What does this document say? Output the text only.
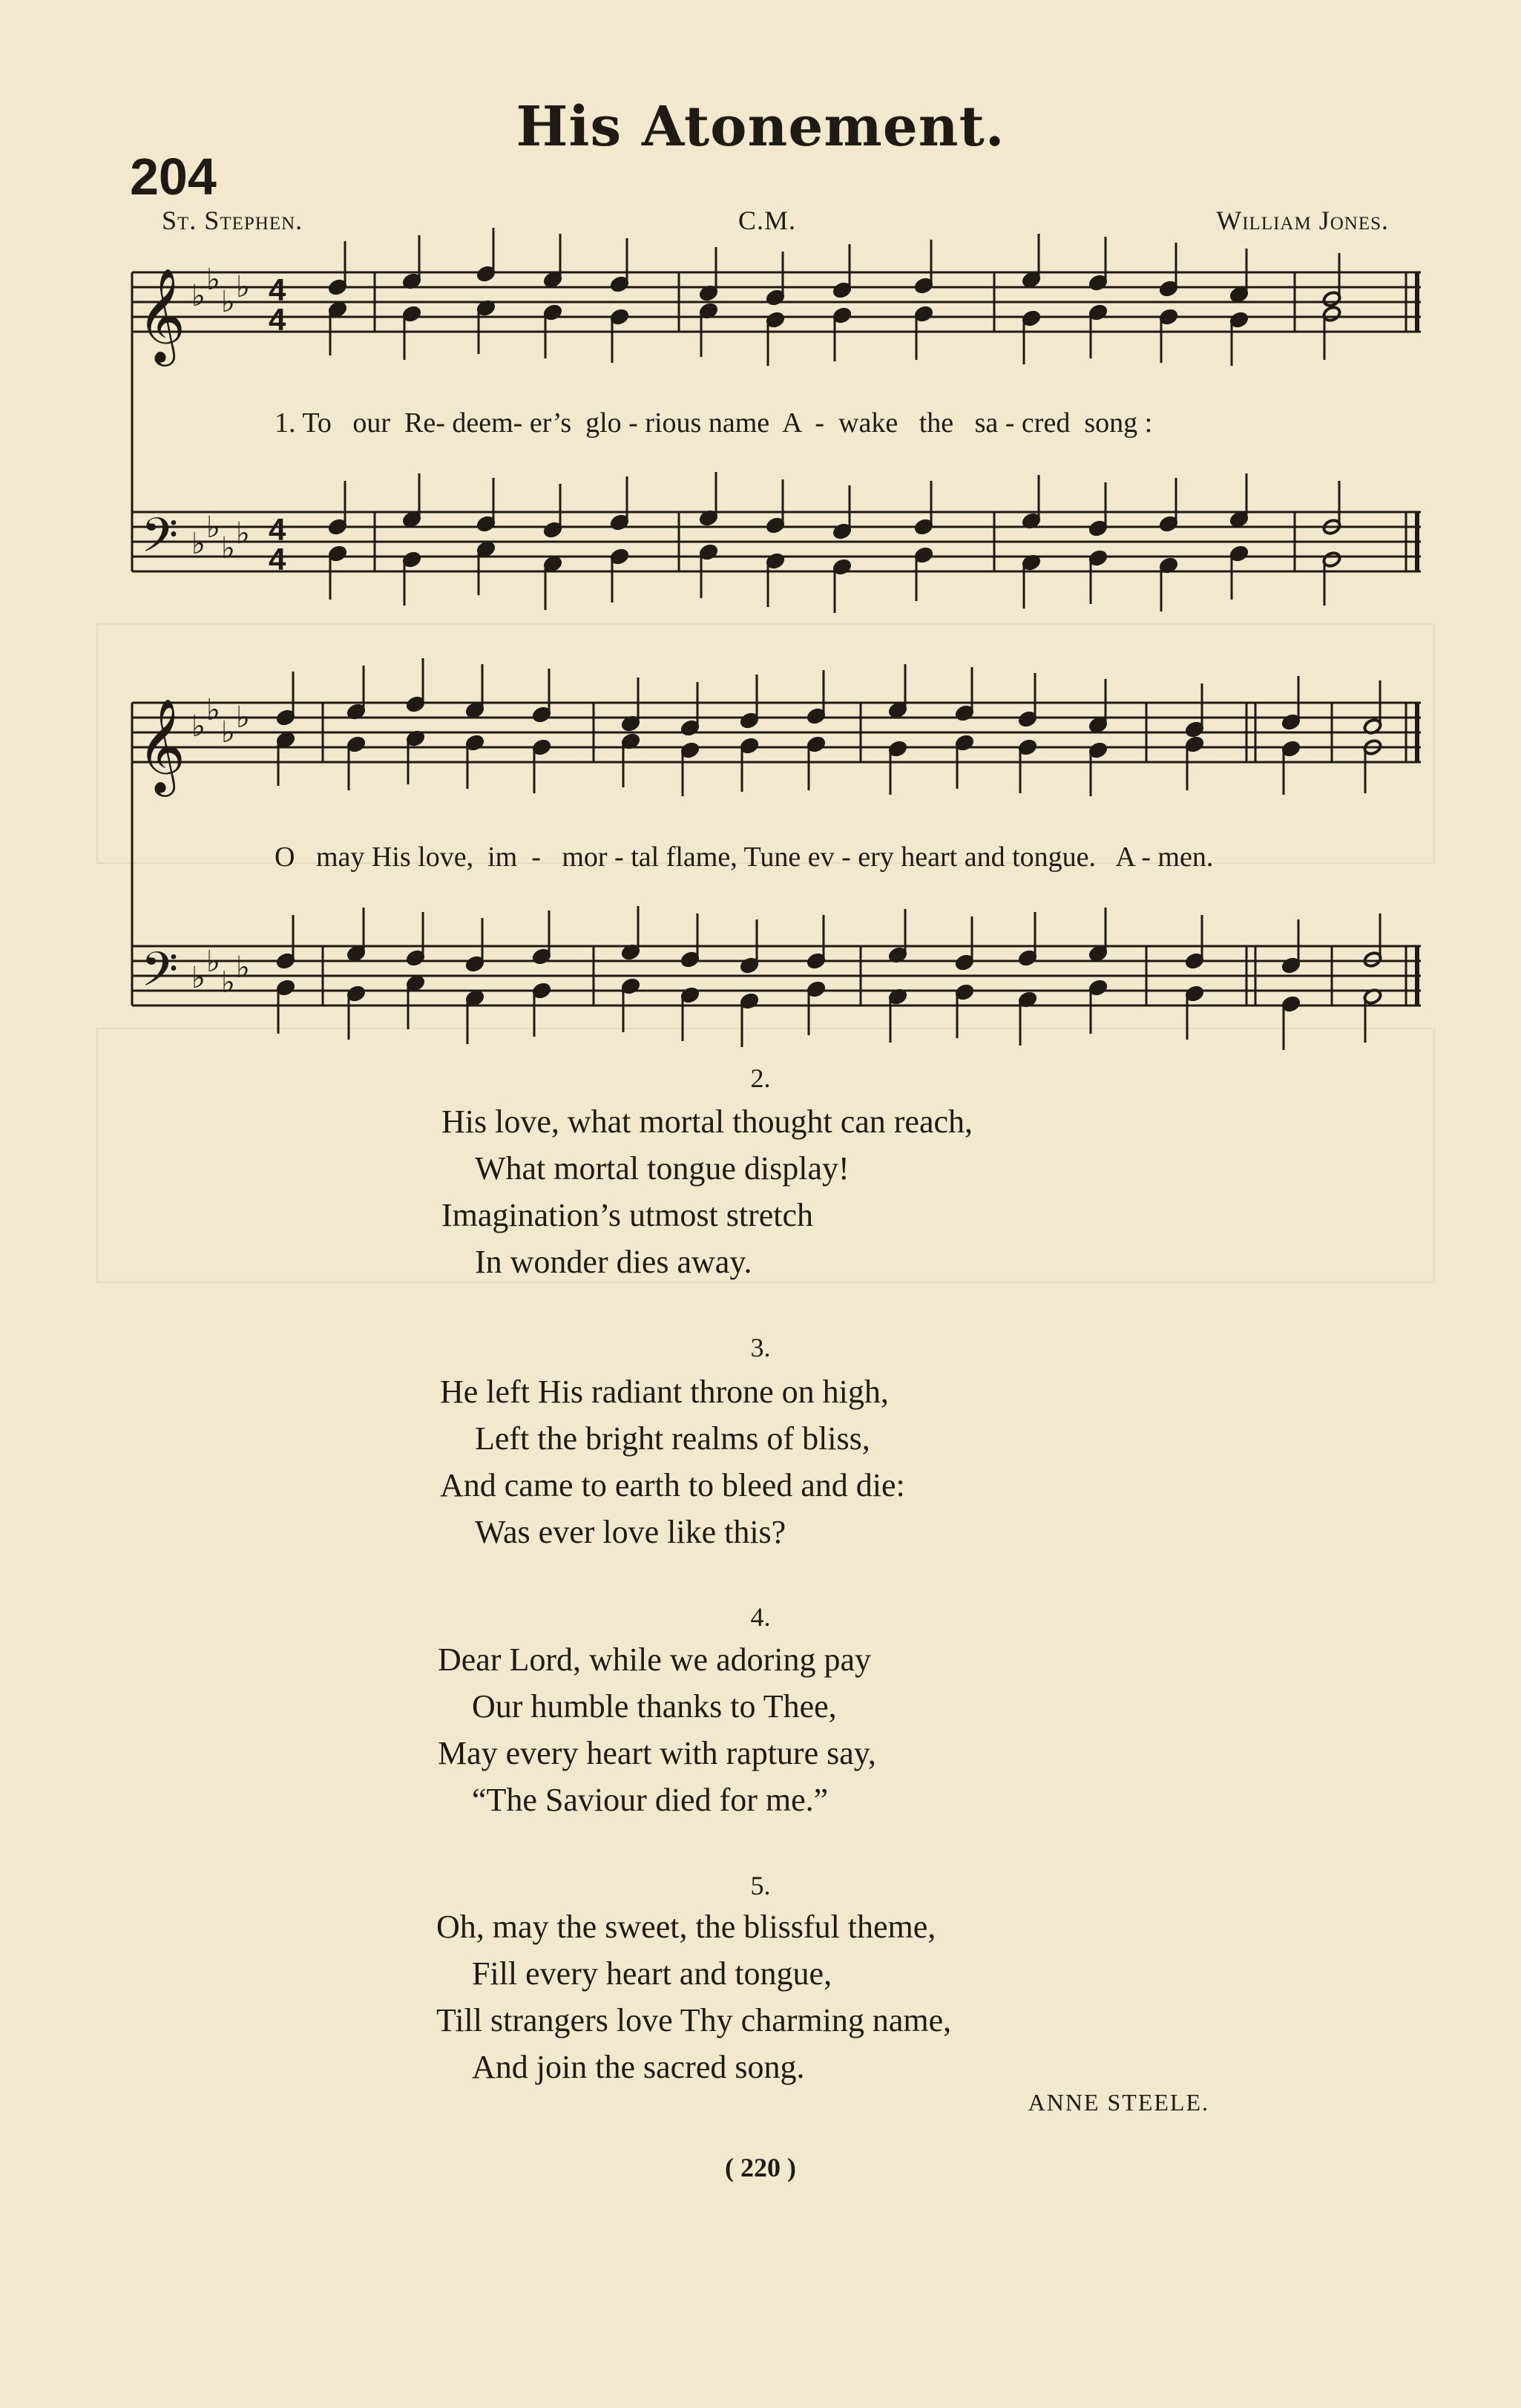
His Atonement.
204
St. Stephen.	C.M.	William Jones.
𝄞
𝄢
♭ ♭
♭ ♭
♭ ♭
♭ ♭
4
4
4
4
1. To   our  Re- deem- er’s  glo - rious name  A  -  wake   the   sa - cred  song :
𝄞
𝄢
♭ ♭
♭ ♭
♭ ♭
♭ ♭
O   may His love,  im  -   mor - tal flame, Tune ev - ery heart and tongue.   A - men.
2.
His love, what mortal thought can reach,
What mortal tongue display!
Imagination’s utmost stretch
In wonder dies away.
3.
He left His radiant throne on high,
Left the bright realms of bliss,
And came to earth to bleed and die:
Was ever love like this?
4.
Dear Lord, while we adoring pay
Our humble thanks to Thee,
May every heart with rapture say,
“The Saviour died for me.”
5.
Oh, may the sweet, the blissful theme,
Fill every heart and tongue,
Till strangers love Thy charming name,
And join the sacred song.
ANNE STEELE.
( 220 )
